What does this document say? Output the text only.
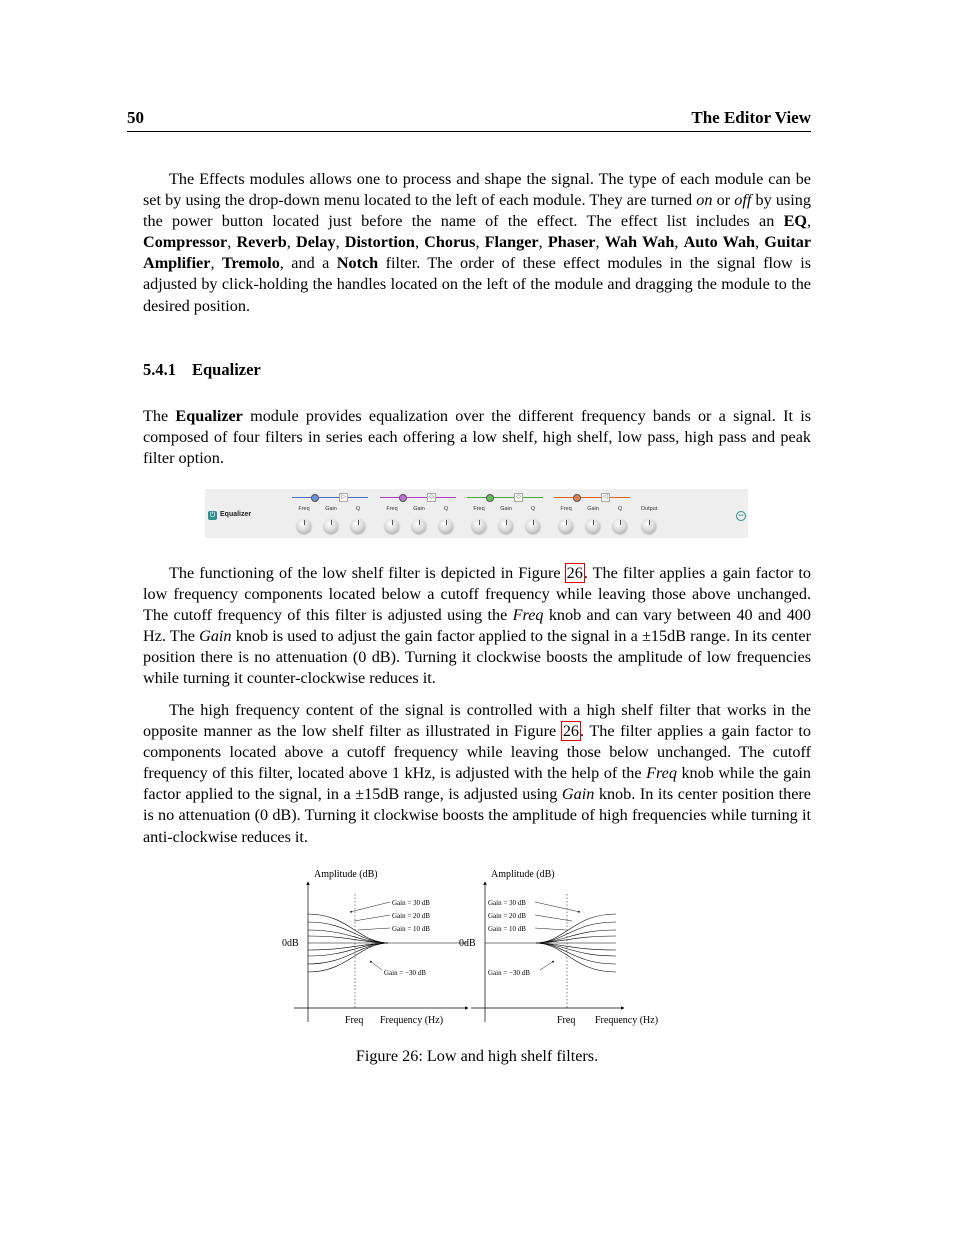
50	The Editor View

The Effects modules allows one to process and shape the signal. The type of each module can be set by using the drop-down menu located to the left of each module. They are turned on or off by using the power button located just before the name of the effect. The effect list includes an EQ, Compressor, Reverb, Delay, Distortion, Chorus, Flanger, Phaser, Wah Wah, Auto Wah, Guitar Amplifier, Tremolo, and a Notch filter. The order of these effect modules in the signal flow is adjusted by click-holding the handles located on the left of the module and dragging the module to the desired position.

5.4.1 Equalizer

The Equalizer module provides equalization over the different frequency bands or a signal. It is composed of four filters in series each offering a low shelf, high shelf, low pass, high pass and peak filter option.

⏻ Equalizer
▷	◇	◇	◁
Freq	Gain	Q	Freq	Gain	Q	Freq	Gain	Q	Freq	Gain	Q	Output
•••

The functioning of the low shelf filter is depicted in Figure 26. The filter applies a gain factor to low frequency components located below a cutoff frequency while leaving those above unchanged. The cutoff frequency of this filter is adjusted using the Freq knob and can vary between 40 and 400 Hz. The Gain knob is used to adjust the gain factor applied to the signal in a ±15dB range. In its center position there is no attenuation (0 dB). Turning it clockwise boosts the amplitude of low frequencies while turning it counter-clockwise reduces it.

The high frequency content of the signal is controlled with a high shelf filter that works in the opposite manner as the low shelf filter as illustrated in Figure 26. The filter applies a gain factor to components located above a cutoff frequency while leaving those below unchanged. The cutoff frequency of this filter, located above 1 kHz, is adjusted with the help of the Freq knob while the gain factor applied to the signal, in a ±15dB range, is adjusted using Gain knob. In its center position there is no attenuation (0 dB). Turning it clockwise boosts the amplitude of high frequencies while turning it anti-clockwise reduces it.

Amplitude (dB)
0dB
Freq Frequency (Hz)
Gain = 30 dB
Gain = 20 dB
Gain = 10 dB
Gain = −30 dB
Amplitude (dB)
0dB
Freq Frequency (Hz)
Gain = 30 dB
Gain = 20 dB
Gain = 10 dB
Gain = −30 dB
Figure 26: Low and high shelf filters.
